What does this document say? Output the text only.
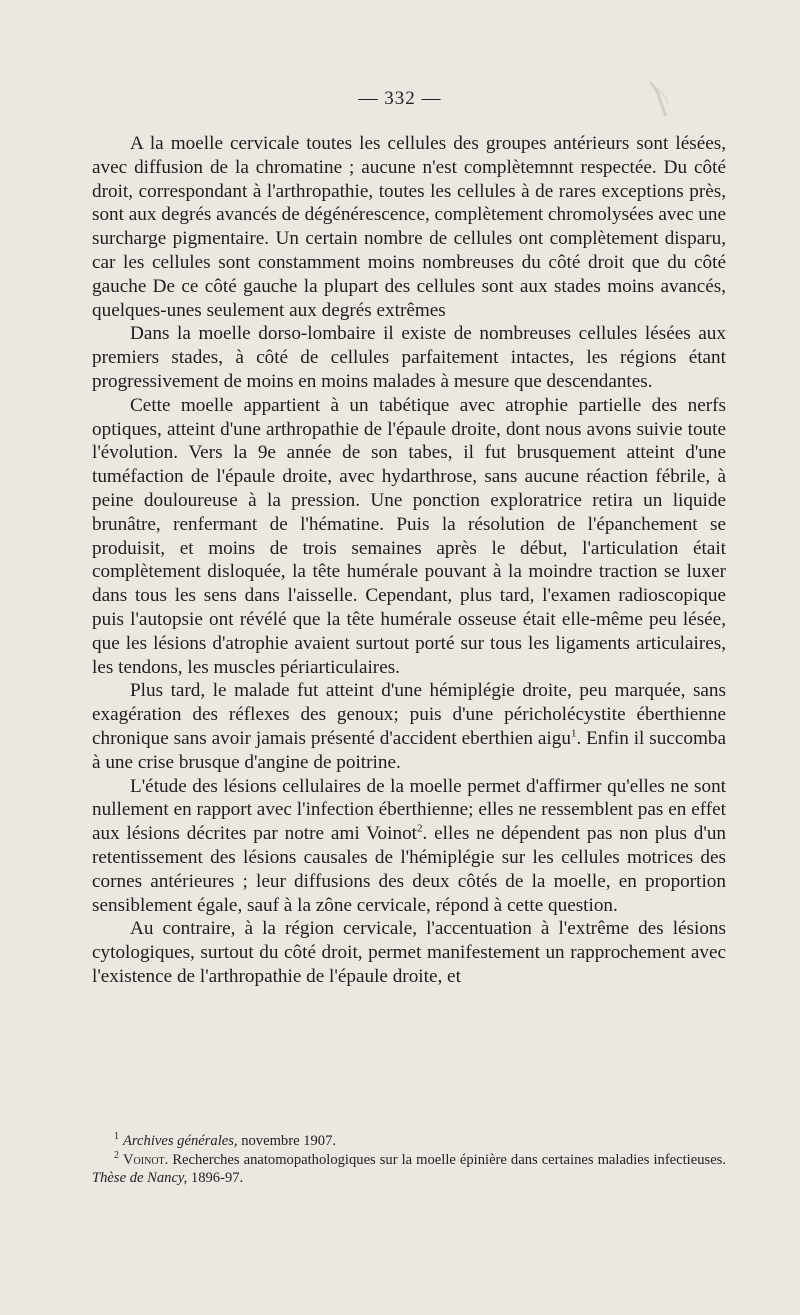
— 332 —

A la moelle cervicale toutes les cellules des groupes antérieurs sont lésées, avec diffusion de la chromatine ; aucune n'est complètemnnt respectée. Du côté droit, correspondant à l'arthropathie, toutes les cellules à de rares exceptions près, sont aux degrés avancés de dégénérescence, complètement chromolysées avec une surcharge pigmentaire. Un certain nombre de cellules ont complètement disparu, car les cellules sont constamment moins nombreuses du côté droit que du côté gauche De ce côté gauche la plupart des cellules sont aux stades moins avancés, quelques-unes seulement aux degrés extrêmes

Dans la moelle dorso-lombaire il existe de nombreuses cellules lésées aux premiers stades, à côté de cellules parfaitement intactes, les régions étant progressivement de moins en moins malades à mesure que descendantes.

Cette moelle appartient à un tabétique avec atrophie partielle des nerfs optiques, atteint d'une arthropathie de l'épaule droite, dont nous avons suivie toute l'évolution. Vers la 9e année de son tabes, il fut brusquement atteint d'une tuméfaction de l'épaule droite, avec hydarthrose, sans aucune réaction fébrile, à peine douloureuse à la pression. Une ponction exploratrice retira un liquide brunâtre, renfermant de l'hématine. Puis la résolution de l'épanchement se produisit, et moins de trois semaines après le début, l'articulation était complètement disloquée, la tête humérale pouvant à la moindre traction se luxer dans tous les sens dans l'aisselle. Cependant, plus tard, l'examen radioscopique puis l'autopsie ont révélé que la tête humérale osseuse était elle-même peu lésée, que les lésions d'atrophie avaient surtout porté sur tous les ligaments articulaires, les tendons, les muscles périarticulaires.

Plus tard, le malade fut atteint d'une hémiplégie droite, peu marquée, sans exagération des réflexes des genoux; puis d'une péricholécystite éberthienne chronique sans avoir jamais présenté d'accident eberthien aigu$^1$. Enfin il succomba à une crise brusque d'angine de poitrine.

L'étude des lésions cellulaires de la moelle permet d'affirmer qu'elles ne sont nullement en rapport avec l'infection éberthienne; elles ne ressemblent pas en effet aux lésions décrites par notre ami Voinot$^2$. elles ne dépendent pas non plus d'un retentissement des lésions causales de l'hémiplégie sur les cellules motrices des cornes antérieures ; leur diffusions des deux côtés de la moelle, en proportion sensiblement égale, sauf à la zône cervicale, répond à cette question.

Au contraire, à la région cervicale, l'accentuation à l'extrême des lésions cytologiques, surtout du côté droit, permet manifestement un rapprochement avec l'existence de l'arthropathie de l'épaule droite, et

$^1$ Archives générales, novembre 1907.

$^2$ Voinot. Recherches anatomopathologiques sur la moelle épinière dans certaines maladies infectieuses. Thèse de Nancy, 1896-97.
